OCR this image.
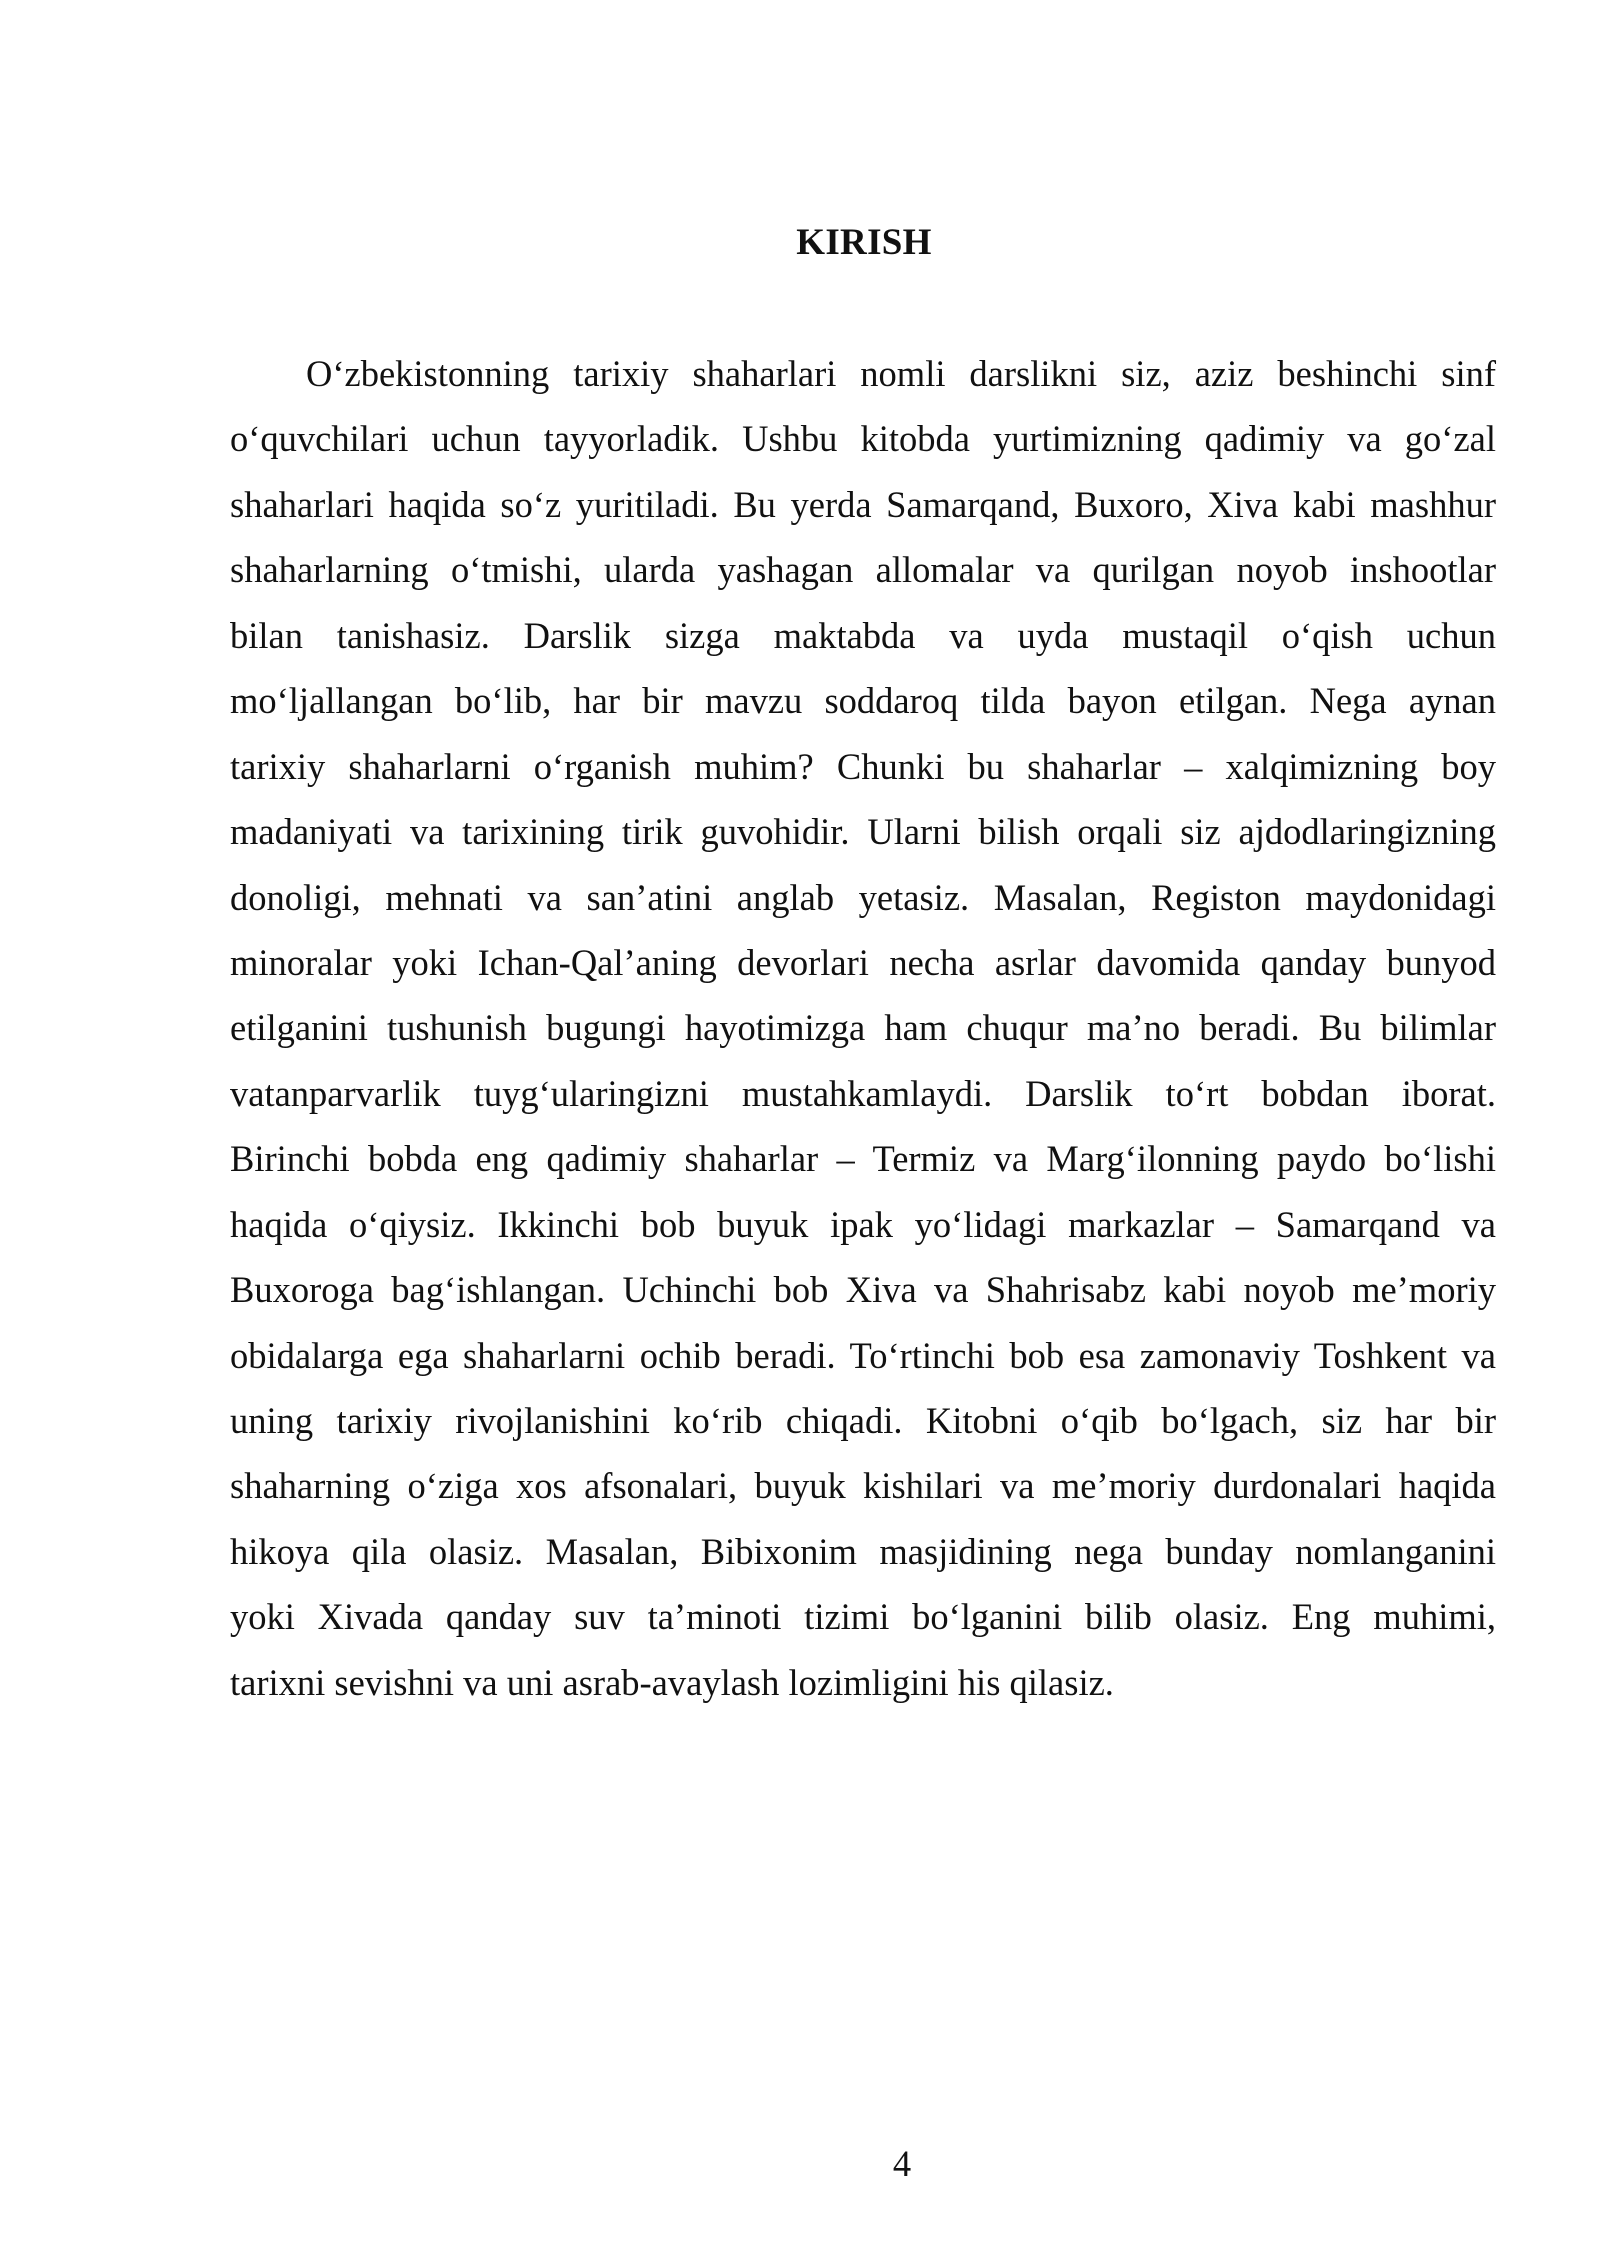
KIRISH
O‘zbekistonning tarixiy shaharlari nomli darslikni siz, aziz beshinchi sinf
o‘quvchilari uchun tayyorladik. Ushbu kitobda yurtimizning qadimiy va go‘zal
shaharlari haqida so‘z yuritiladi. Bu yerda Samarqand, Buxoro, Xiva kabi mashhur
shaharlarning o‘tmishi, ularda yashagan allomalar va qurilgan noyob inshootlar
bilan tanishasiz. Darslik sizga maktabda va uyda mustaqil o‘qish uchun
mo‘ljallangan bo‘lib, har bir mavzu soddaroq tilda bayon etilgan. Nega aynan
tarixiy shaharlarni o‘rganish muhim? Chunki bu shaharlar – xalqimizning boy
madaniyati va tarixining tirik guvohidir. Ularni bilish orqali siz ajdodlaringizning
donoligi, mehnati va san’atini anglab yetasiz. Masalan, Registon maydonidagi
minoralar yoki Ichan-Qal’aning devorlari necha asrlar davomida qanday bunyod
etilganini tushunish bugungi hayotimizga ham chuqur ma’no beradi. Bu bilimlar
vatanparvarlik tuyg‘ularingizni mustahkamlaydi. Darslik to‘rt bobdan iborat.
Birinchi bobda eng qadimiy shaharlar – Termiz va Marg‘ilonning paydo bo‘lishi
haqida o‘qiysiz. Ikkinchi bob buyuk ipak yo‘lidagi markazlar – Samarqand va
Buxoroga bag‘ishlangan. Uchinchi bob Xiva va Shahrisabz kabi noyob me’moriy
obidalarga ega shaharlarni ochib beradi. To‘rtinchi bob esa zamonaviy Toshkent va
uning tarixiy rivojlanishini ko‘rib chiqadi. Kitobni o‘qib bo‘lgach, siz har bir
shaharning o‘ziga xos afsonalari, buyuk kishilari va me’moriy durdonalari haqida
hikoya qila olasiz. Masalan, Bibixonim masjidining nega bunday nomlanganini
yoki Xivada qanday suv ta’minoti tizimi bo‘lganini bilib olasiz. Eng muhimi,
tarixni sevishni va uni asrab-avaylash lozimligini his qilasiz.
4
